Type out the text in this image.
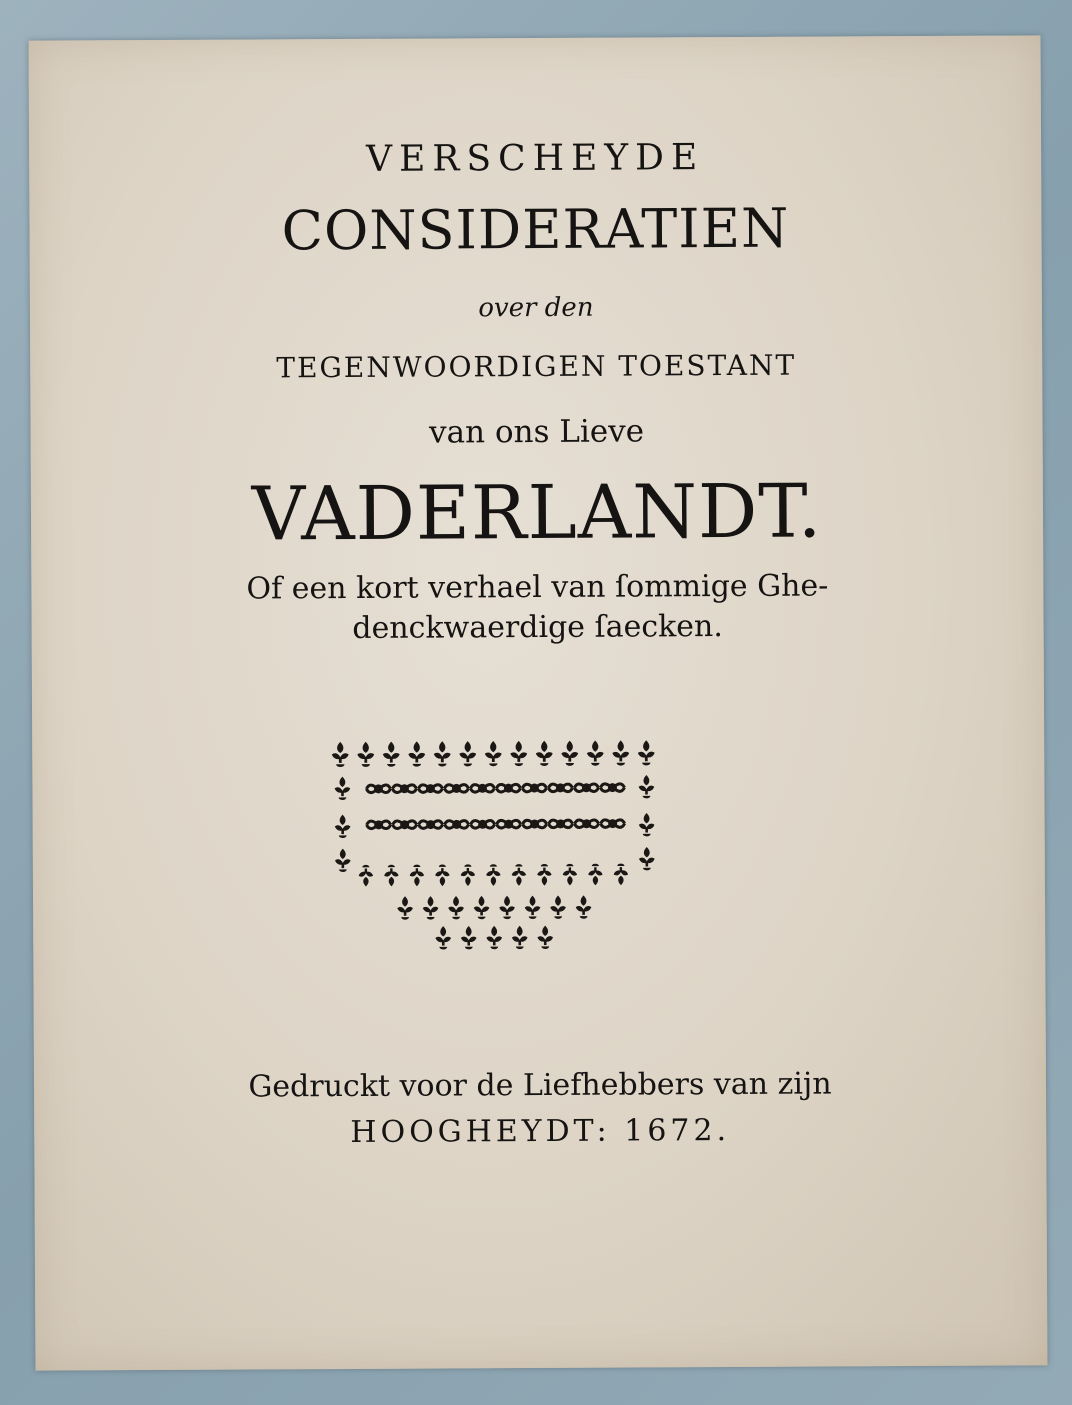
VERSCHEYDE
CONSIDERATIEN
over den
TEGENWOORDIGEN TOESTANT
van ons Lieve
VADERLANDT.
Of een kort verhael van ſommige Ghe-
denckwaerdige ſaecken.
Gedruckt voor de Liefhebbers van zijn
HOOGHEYDT: 1672.
